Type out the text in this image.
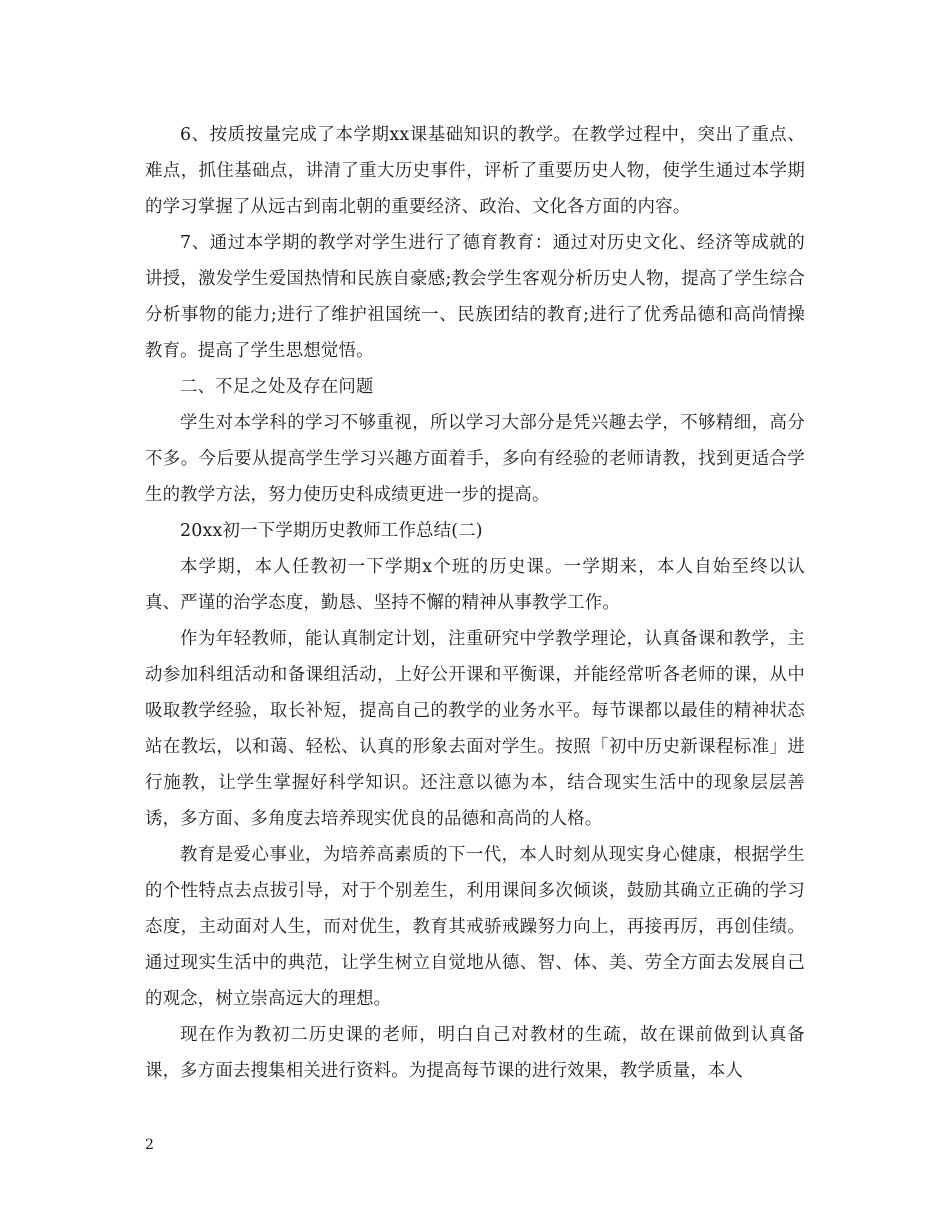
6、按质按量完成了本学期xx课基础知识的教学。在教学过程中，突出了重点、难点，抓住基础点，讲清了重大历史事件，评析了重要历史人物，使学生通过本学期的学习掌握了从远古到南北朝的重要经济、政治、文化各方面的内容。

7、通过本学期的教学对学生进行了德育教育：通过对历史文化、经济等成就的讲授，激发学生爱国热情和民族自豪感;教会学生客观分析历史人物，提高了学生综合分析事物的能力;进行了维护祖国统一、民族团结的教育;进行了优秀品德和高尚情操教育。提高了学生思想觉悟。

二、不足之处及存在问题

学生对本学科的学习不够重视，所以学习大部分是凭兴趣去学，不够精细，高分不多。今后要从提高学生学习兴趣方面着手，多向有经验的老师请教，找到更适合学生的教学方法，努力使历史科成绩更进一步的提高。

20xx初一下学期历史教师工作总结(二)

本学期，本人任教初一下学期x个班的历史课。一学期来，本人自始至终以认真、严谨的治学态度，勤恳、坚持不懈的精神从事教学工作。

作为年轻教师，能认真制定计划，注重研究中学教学理论，认真备课和教学，主动参加科组活动和备课组活动，上好公开课和平衡课，并能经常听各老师的课，从中吸取教学经验，取长补短，提高自己的教学的业务水平。每节课都以最佳的精神状态站在教坛，以和蔼、轻松、认真的形象去面对学生。按照「初中历史新课程标准」进行施教，让学生掌握好科学知识。还注意以德为本，结合现实生活中的现象层层善诱，多方面、多角度去培养现实优良的品德和高尚的人格。

教育是爱心事业，为培养高素质的下一代，本人时刻从现实身心健康，根据学生的个性特点去点拔引导，对于个别差生，利用课间多次倾谈，鼓励其确立正确的学习态度，主动面对人生，而对优生，教育其戒骄戒躁努力向上，再接再厉，再创佳绩。通过现实生活中的典范，让学生树立自觉地从德、智、体、美、劳全方面去发展自己的观念，树立崇高远大的理想。

现在作为教初二历史课的老师，明白自己对教材的生疏，故在课前做到认真备课，多方面去搜集相关进行资料。为提高每节课的进行效果，教学质量，本人

2
